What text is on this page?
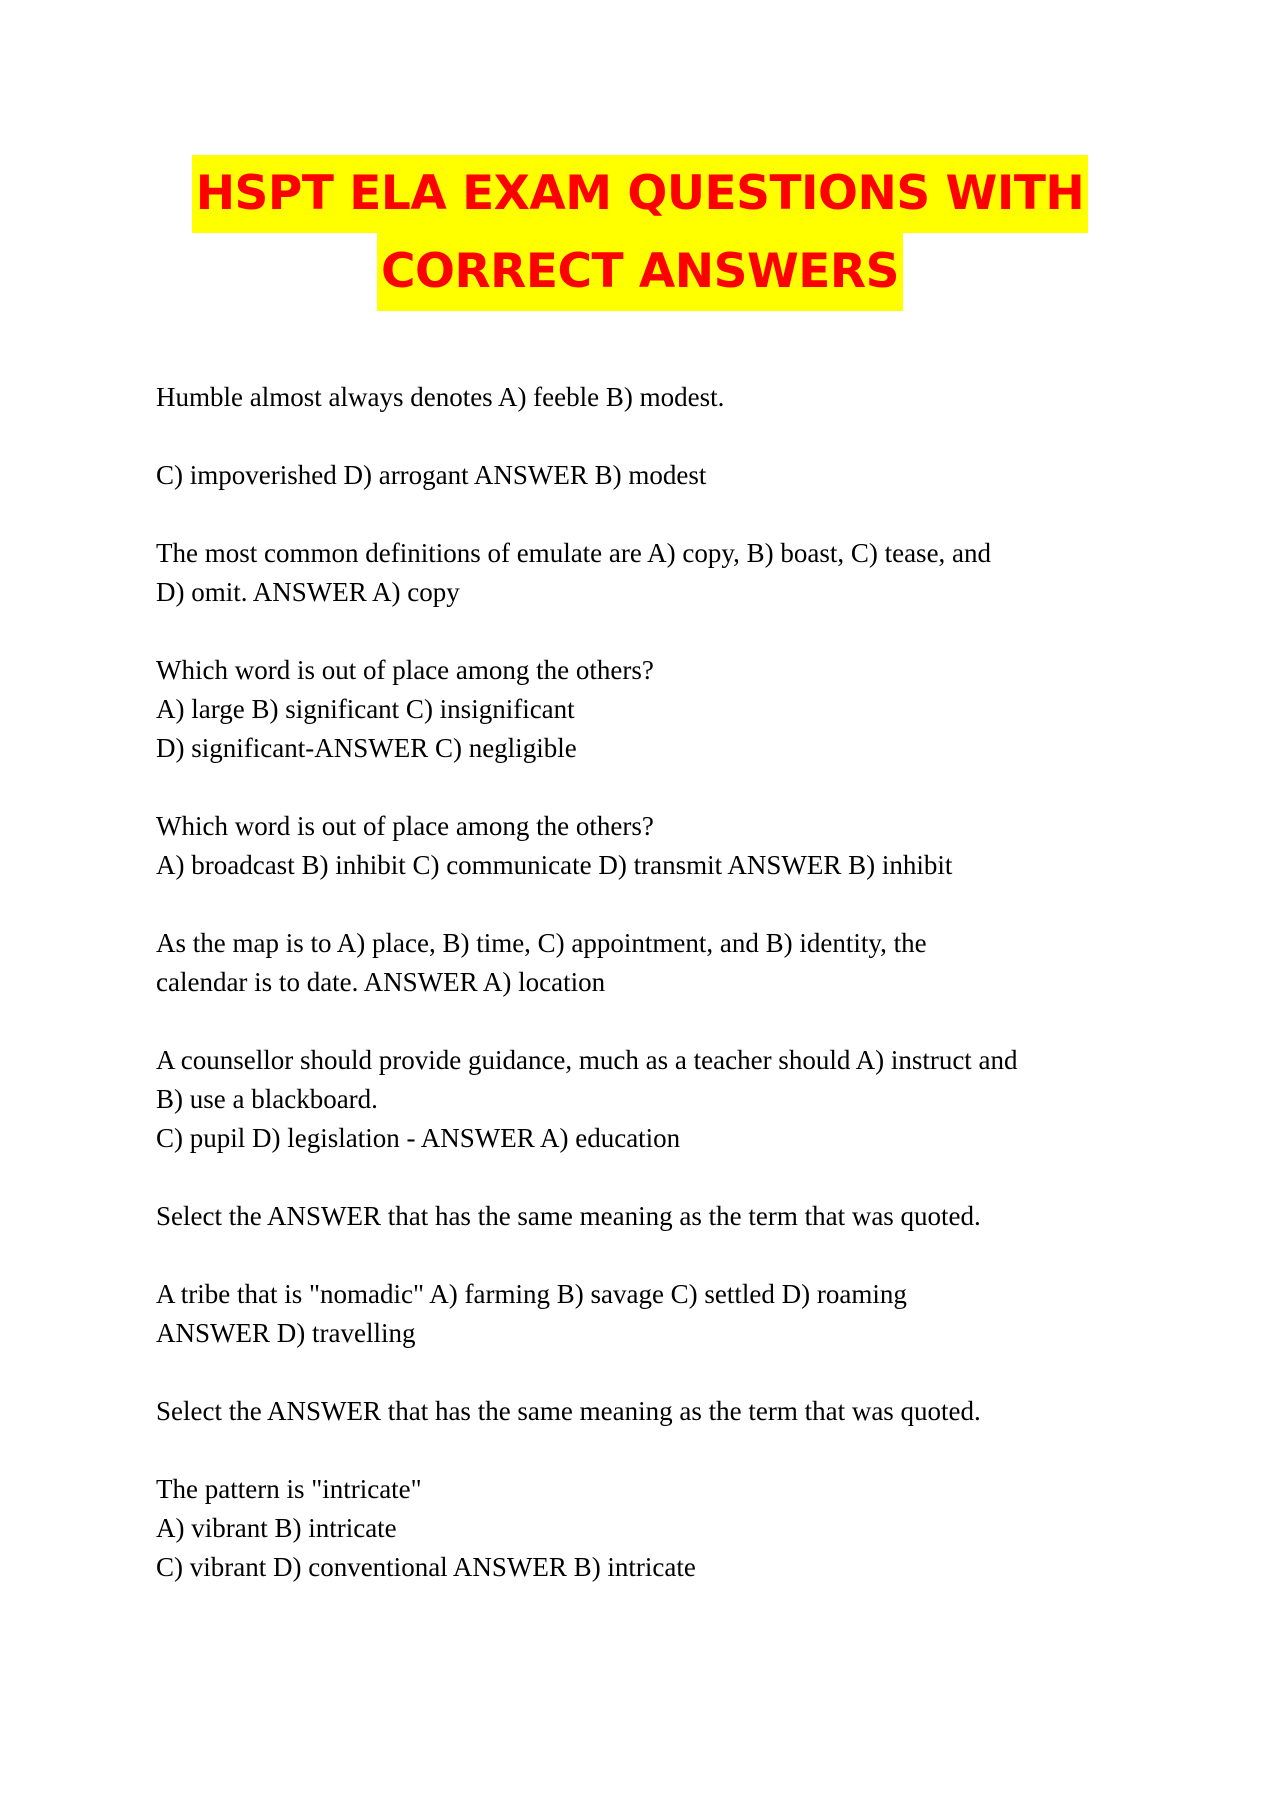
HSPT ELA EXAM QUESTIONS WITH
CORRECT ANSWERS

Humble almost always denotes A) feeble B) modest.

C) impoverished D) arrogant ANSWER B) modest

The most common definitions of emulate are A) copy, B) boast, C) tease, and
D) omit. ANSWER A) copy

Which word is out of place among the others?
A) large B) significant C) insignificant
D) significant-ANSWER C) negligible

Which word is out of place among the others?
A) broadcast B) inhibit C) communicate D) transmit ANSWER B) inhibit

As the map is to A) place, B) time, C) appointment, and B) identity, the
calendar is to date. ANSWER A) location

A counsellor should provide guidance, much as a teacher should A) instruct and
B) use a blackboard.
C) pupil D) legislation - ANSWER A) education

Select the ANSWER that has the same meaning as the term that was quoted.

A tribe that is "nomadic" A) farming B) savage C) settled D) roaming
ANSWER D) travelling

Select the ANSWER that has the same meaning as the term that was quoted.

The pattern is "intricate"
A) vibrant B) intricate
C) vibrant D) conventional ANSWER B) intricate
